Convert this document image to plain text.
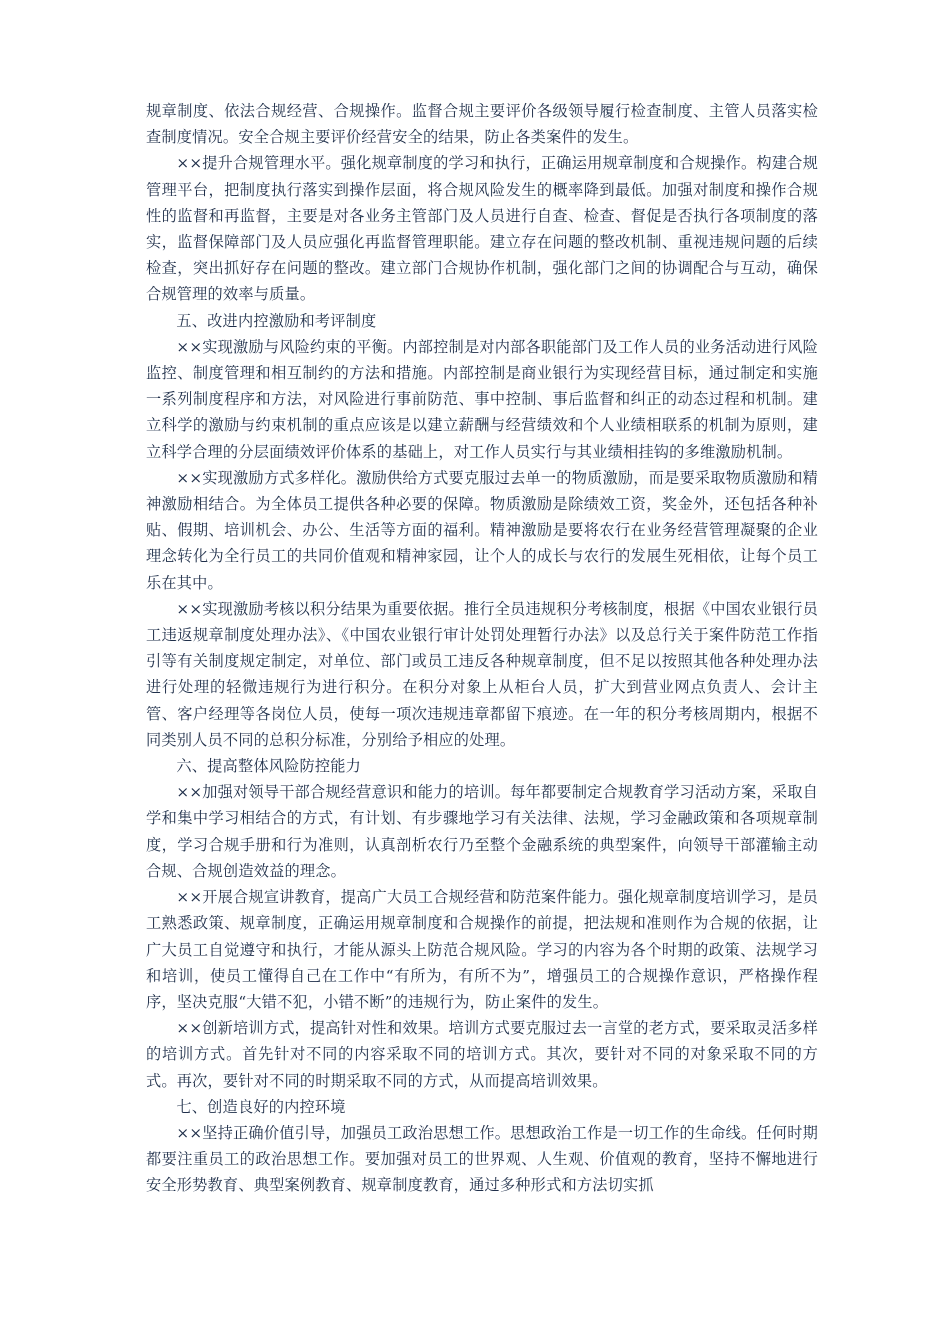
规章制度、依法合规经营、合规操作。监督合规主要评价各级领导履行检查制度、主管人员落实检查制度情况。安全合规主要评价经营安全的结果，防止各类案件的发生。

××提升合规管理水平。强化规章制度的学习和执行，正确运用规章制度和合规操作。构建合规管理平台，把制度执行落实到操作层面，将合规风险发生的概率降到最低。加强对制度和操作合规性的监督和再监督，主要是对各业务主管部门及人员进行自查、检查、督促是否执行各项制度的落实，监督保障部门及人员应强化再监督管理职能。建立存在问题的整改机制、重视违规问题的后续检查，突出抓好存在问题的整改。建立部门合规协作机制，强化部门之间的协调配合与互动，确保合规管理的效率与质量。

五、改进内控激励和考评制度

××实现激励与风险约束的平衡。内部控制是对内部各职能部门及工作人员的业务活动进行风险监控、制度管理和相互制约的方法和措施。内部控制是商业银行为实现经营目标，通过制定和实施一系列制度程序和方法，对风险进行事前防范、事中控制、事后监督和纠正的动态过程和机制。建立科学的激励与约束机制的重点应该是以建立薪酬与经营绩效和个人业绩相联系的机制为原则，建立科学合理的分层面绩效评价体系的基础上，对工作人员实行与其业绩相挂钩的多维激励机制。

××实现激励方式多样化。激励供给方式要克服过去单一的物质激励，而是要采取物质激励和精神激励相结合。为全体员工提供各种必要的保障。物质激励是除绩效工资，奖金外，还包括各种补贴、假期、培训机会、办公、生活等方面的福利。精神激励是要将农行在业务经营管理凝聚的企业理念转化为全行员工的共同价值观和精神家园，让个人的成长与农行的发展生死相依，让每个员工乐在其中。

××实现激励考核以积分结果为重要依据。推行全员违规积分考核制度，根据《中国农业银行员工违返规章制度处理办法》、《中国农业银行审计处罚处理暂行办法》以及总行关于案件防范工作指引等有关制度规定制定，对单位、部门或员工违反各种规章制度，但不足以按照其他各种处理办法进行处理的轻微违规行为进行积分。在积分对象上从柜台人员，扩大到营业网点负责人、会计主管、客户经理等各岗位人员，使每一项次违规违章都留下痕迹。在一年的积分考核周期内，根据不同类别人员不同的总积分标准，分别给予相应的处理。

六、提高整体风险防控能力

××加强对领导干部合规经营意识和能力的培训。每年都要制定合规教育学习活动方案，采取自学和集中学习相结合的方式，有计划、有步骤地学习有关法律、法规，学习金融政策和各项规章制度，学习合规手册和行为准则，认真剖析农行乃至整个金融系统的典型案件，向领导干部灌输主动合规、合规创造效益的理念。

××开展合规宣讲教育，提高广大员工合规经营和防范案件能力。强化规章制度培训学习，是员工熟悉政策、规章制度，正确运用规章制度和合规操作的前提，把法规和准则作为合规的依据，让广大员工自觉遵守和执行，才能从源头上防范合规风险。学习的内容为各个时期的政策、法规学习和培训，使员工懂得自己在工作中“有所为，有所不为”，增强员工的合规操作意识，严格操作程序，坚决克服“大错不犯，小错不断”的违规行为，防止案件的发生。

××创新培训方式，提高针对性和效果。培训方式要克服过去一言堂的老方式，要采取灵活多样的培训方式。首先针对不同的内容采取不同的培训方式。其次，要针对不同的对象采取不同的方式。再次，要针对不同的时期采取不同的方式，从而提高培训效果。

七、创造良好的内控环境

××坚持正确价值引导，加强员工政治思想工作。思想政治工作是一切工作的生命线。任何时期都要注重员工的政治思想工作。要加强对员工的世界观、人生观、价值观的教育，坚持不懈地进行安全形势教育、典型案例教育、规章制度教育，通过多种形式和方法切实抓
